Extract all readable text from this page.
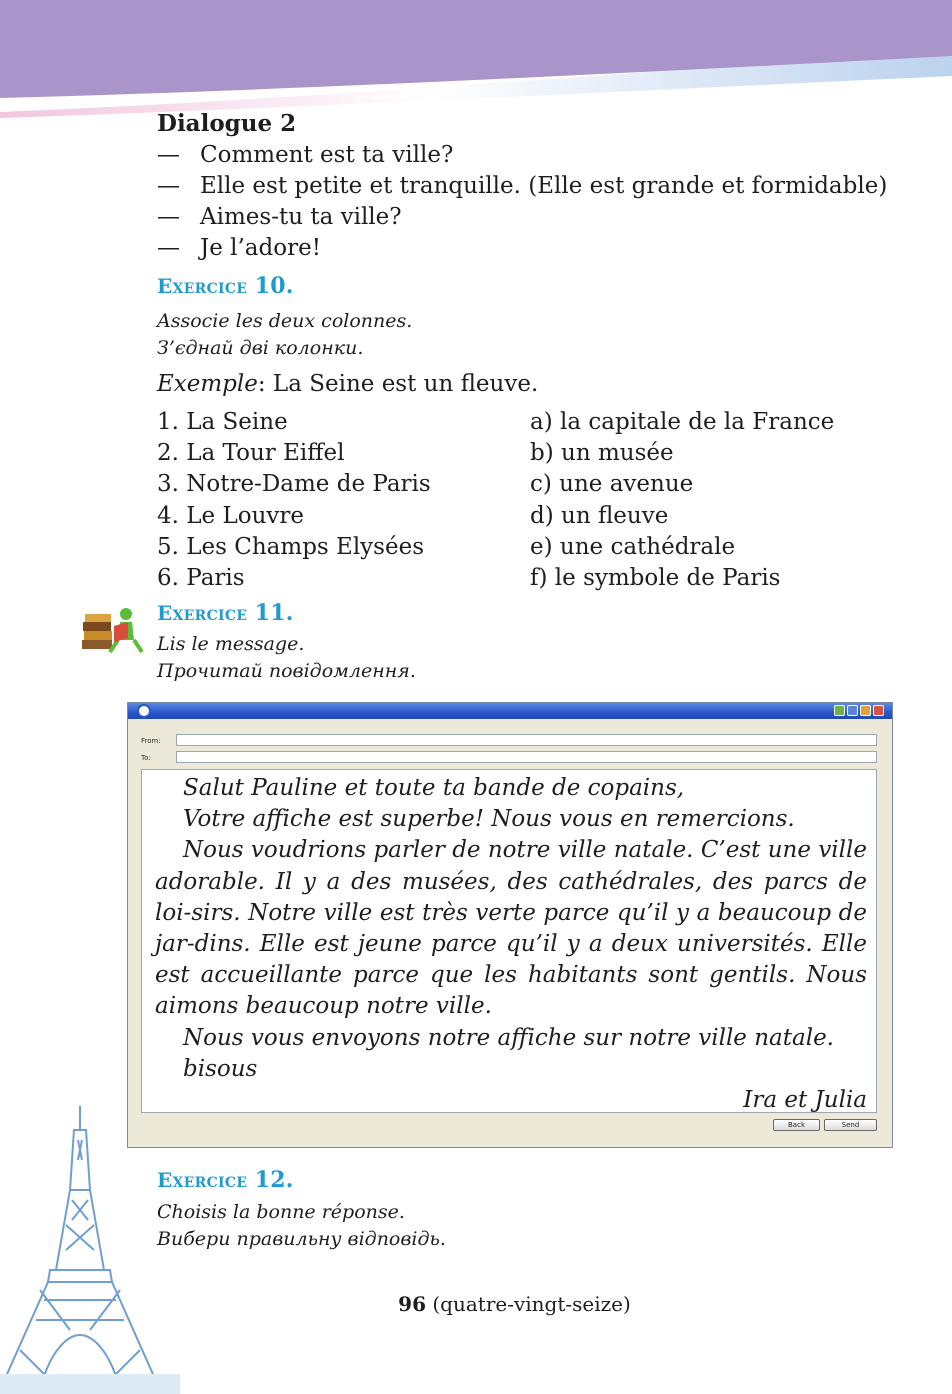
Dialogue 2
— Comment est ta ville?
— Elle est petite et tranquille. (Elle est grande et formidable)
— Aimes-tu ta ville?
— Je l’adore!
Exercice 10.
Associe les deux colonnes.
З’єднай дві колонки.
Exemple: La Seine est un fleuve.
1. La Seine
2. La Tour Eiffel
3. Notre-Dame de Paris
4. Le Louvre
5. Les Champs Elysées
6. Paris
a) la capitale de la France
b) un musée
c) une avenue
d) un fleuve
e) une cathédrale
f) le symbole de Paris
Exercice 11.
Lis le message.
Прочитай повідомлення.
From:
To:
Salut Pauline et toute ta bande de copains,
Votre affiche est superbe! Nous vous en remercions.
Nous voudrions parler de notre ville natale. C’est une ville adorable. Il y a des musées, des cathédrales, des parcs de loi-sirs. Notre ville est très verte parce qu’il y a beaucoup de jar-dins. Elle est jeune parce qu’il y a deux universités. Elle est accueillante parce que les habitants sont gentils. Nous aimons beaucoup notre ville.
Nous vous envoyons notre affiche sur notre ville natale.
bisous
Ira et Julia
Back	Send
Exercice 12.
Choisis la bonne réponse.
Вибери правильну відповідь.
96 (quatre-vingt-seize)
